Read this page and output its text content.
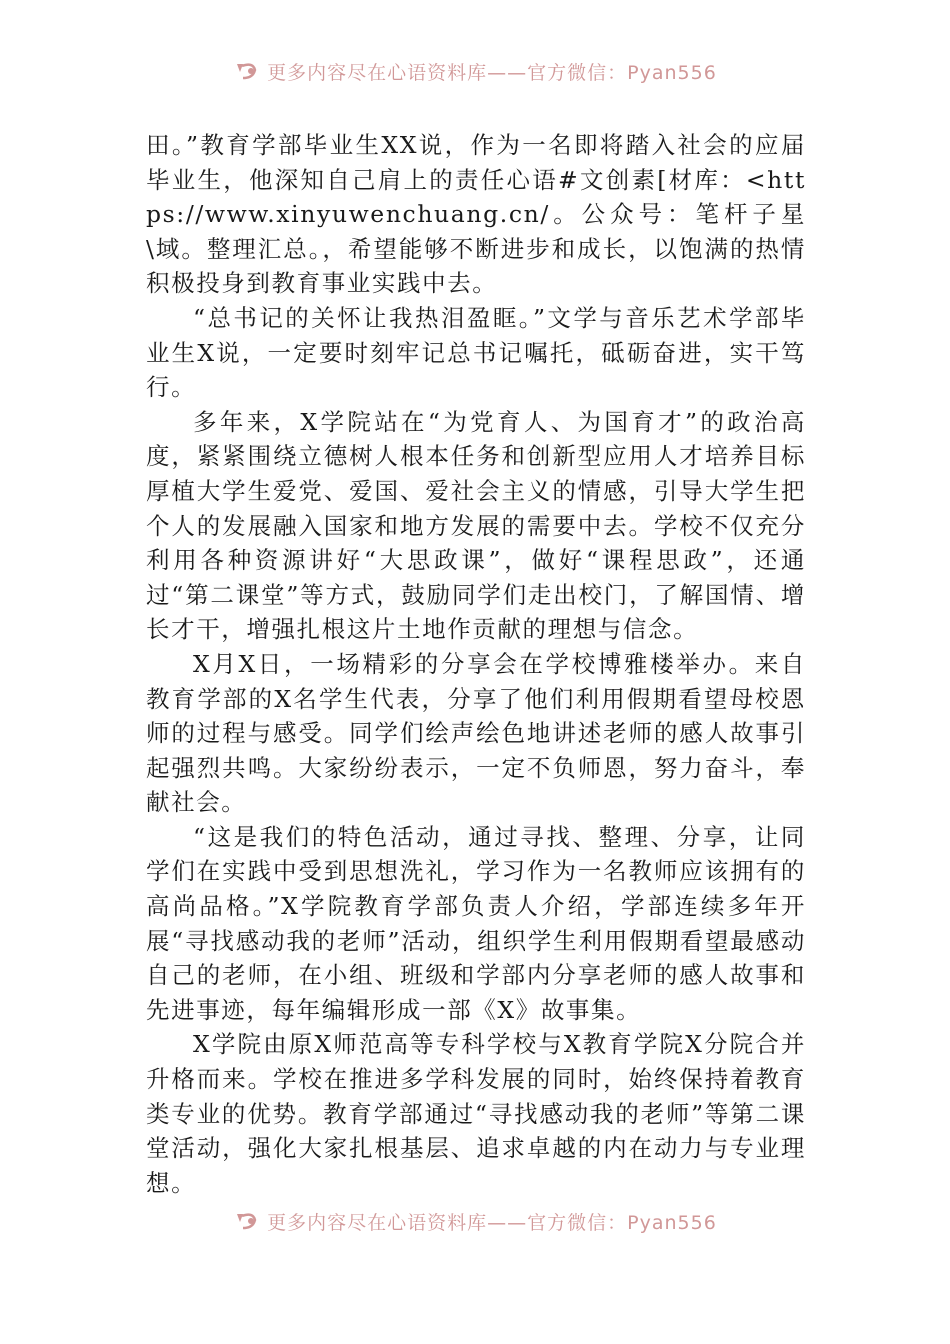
更多内容尽在心语资料库——官方微信：Pyan556

田。”教育学部毕业生XX说，作为一名即将踏入社会的应届毕业生，他深知自己肩上的责任心语#文创素[材库：<https://www.xinyuwenchuang.cn/。公众号：笔杆子星\域。整理汇总。，希望能够不断进步和成长，以饱满的热情积极投身到教育事业实践中去。

“总书记的关怀让我热泪盈眶。”文学与音乐艺术学部毕业生X说，一定要时刻牢记总书记嘱托，砥砺奋进，实干笃行。

多年来，X学院站在“为党育人、为国育才”的政治高度，紧紧围绕立德树人根本任务和创新型应用人才培养目标厚植大学生爱党、爱国、爱社会主义的情感，引导大学生把个人的发展融入国家和地方发展的需要中去。学校不仅充分利用各种资源讲好“大思政课”，做好“课程思政”，还通过“第二课堂”等方式，鼓励同学们走出校门，了解国情、增长才干，增强扎根这片土地作贡献的理想与信念。

X月X日，一场精彩的分享会在学校博雅楼举办。来自教育学部的X名学生代表，分享了他们利用假期看望母校恩师的过程与感受。同学们绘声绘色地讲述老师的感人故事引起强烈共鸣。大家纷纷表示，一定不负师恩，努力奋斗，奉献社会。

“这是我们的特色活动，通过寻找、整理、分享，让同学们在实践中受到思想洗礼，学习作为一名教师应该拥有的高尚品格。”X学院教育学部负责人介绍，学部连续多年开展“寻找感动我的老师”活动，组织学生利用假期看望最感动自己的老师，在小组、班级和学部内分享老师的感人故事和先进事迹，每年编辑形成一部《X》故事集。

X学院由原X师范高等专科学校与X教育学院X分院合并升格而来。学校在推进多学科发展的同时，始终保持着教育类专业的优势。教育学部通过“寻找感动我的老师”等第二课堂活动，强化大家扎根基层、追求卓越的内在动力与专业理想。

更多内容尽在心语资料库——官方微信：Pyan556
